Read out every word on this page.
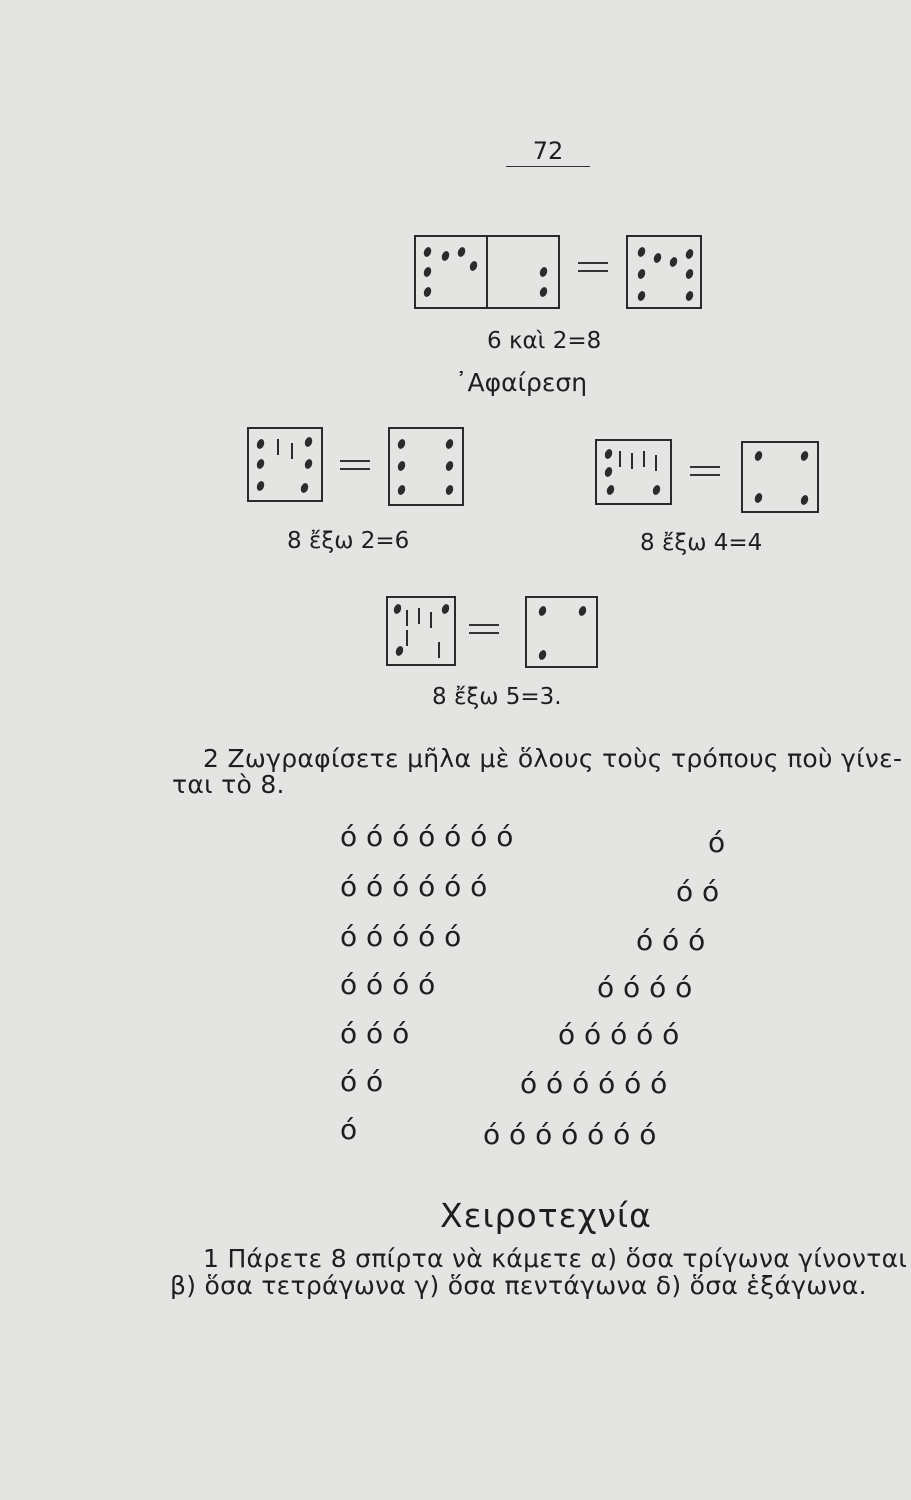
72
6 καὶ 2=8
᾿Αφαίρεση
8 ἔξω 2=6	8 ἔξω 4=4
8 ἔξω 5=3.
2 Ζωγραφίσετε μῆλα μὲ ὅλους τοὺς τρόπους ποὺ γίνε-
ται τὸ 8.
ό ό ό ό ό ό ό
ό ό ό ό ό ό
ό ό ό ό ό
ό ό ό ό
ό ό ό
ό ό
ό
ό
ό ό
ό ό ό
ό ό ό ό
ό ό ό ό ό
ό ό ό ό ό ό
ό ό ό ό ό ό ό
Χειροτεχνία
1 Πάρετε 8 σπίρτα νὰ κάμετε α) ὅσα τρίγωνα γίνονται
β) ὅσα τετράγωνα γ) ὅσα πεντάγωνα δ) ὅσα ἑξάγωνα.
